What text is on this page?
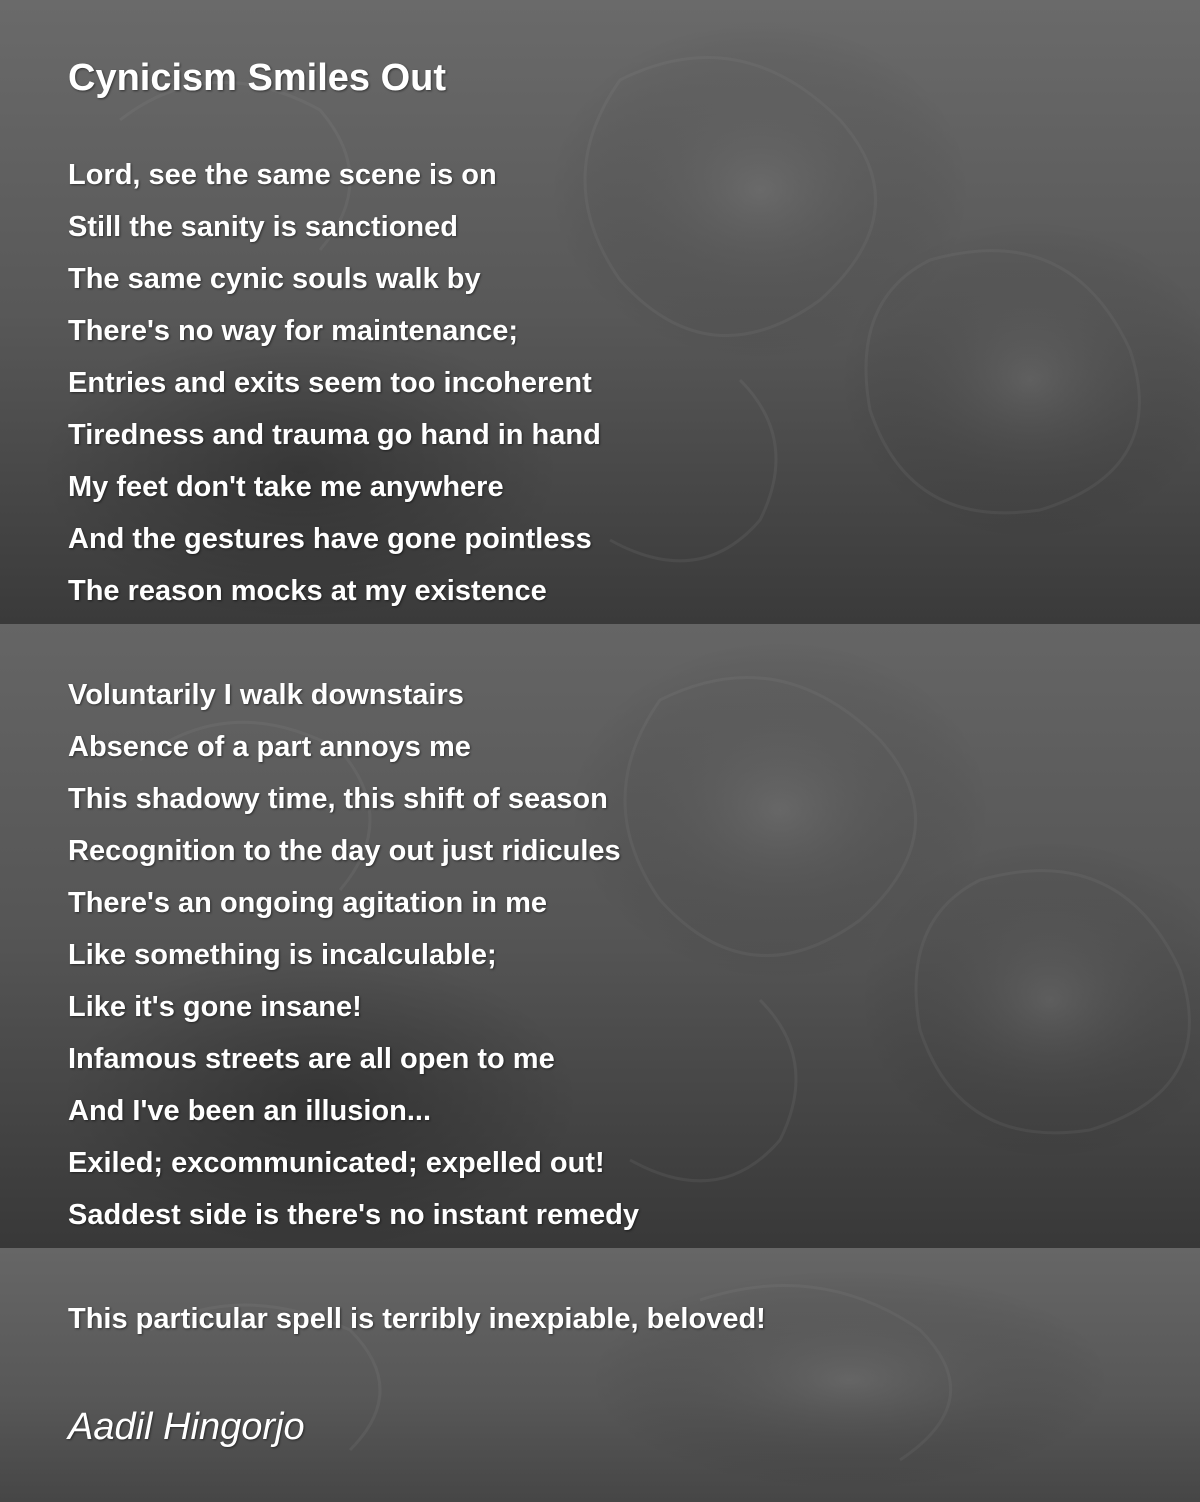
Cynicism Smiles Out

Lord, see the same scene is on

Still the sanity is sanctioned

The same cynic souls walk by

There's no way for maintenance;

Entries and exits seem too incoherent

Tiredness and trauma go hand in hand

My feet don't take me anywhere

And the gestures have gone pointless

The reason mocks at my existence

Voluntarily I walk downstairs

Absence of a part annoys me

This shadowy time, this shift of season

Recognition to the day out just ridicules

There's an ongoing agitation in me

Like something is incalculable;

Like it's gone insane!

Infamous streets are all open to me

And I've been an illusion...

Exiled; excommunicated; expelled out!

Saddest side is there's no instant remedy

This particular spell is terribly inexpiable, beloved!

Aadil Hingorjo
